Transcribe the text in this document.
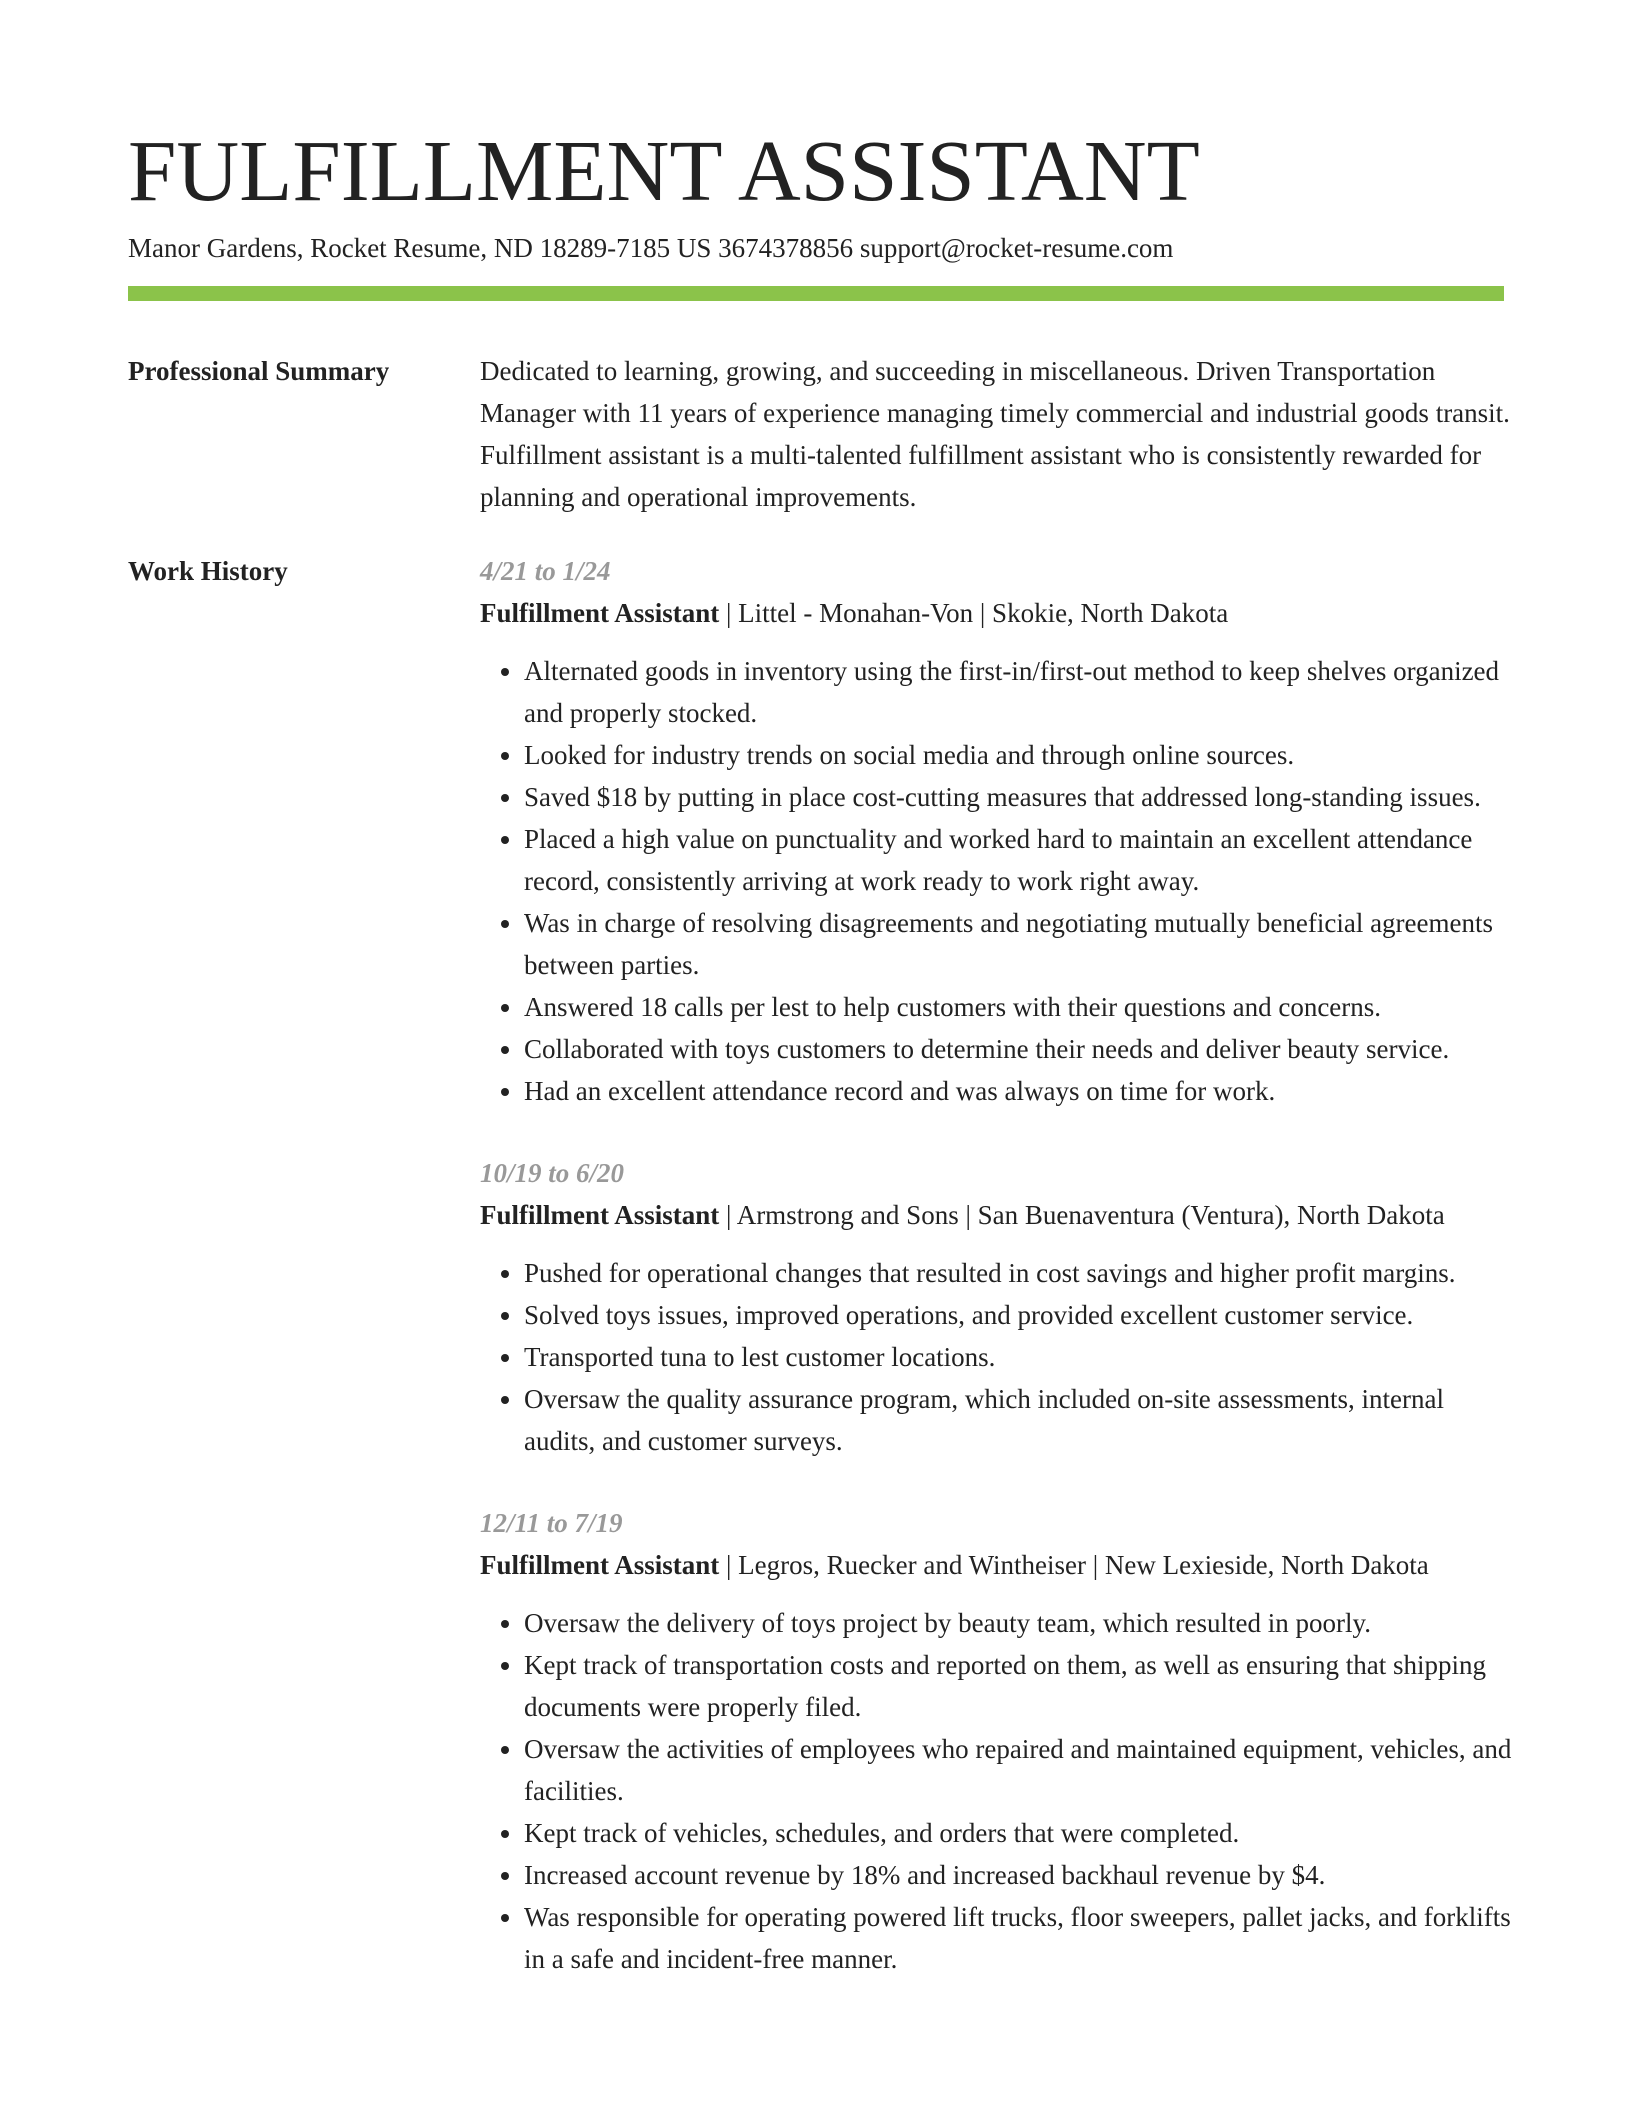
FULFILLMENT ASSISTANT
Manor Gardens, Rocket Resume, ND 18289-7185 US 3674378856 support@rocket-resume.com
Professional Summary	Dedicated to learning, growing, and succeeding in miscellaneous. Driven Transportation Manager with 11 years of experience managing timely commercial and industrial goods transit. Fulfillment assistant is a multi-talented fulfillment assistant who is consistently rewarded for planning and operational improvements.

Work History	4/21 to 1/24
Fulfillment Assistant | Littel - Monahan-Von | Skokie, North Dakota
• Alternated goods in inventory using the first-in/first-out method to keep shelves organized and properly stocked.
• Looked for industry trends on social media and through online sources.
• Saved $18 by putting in place cost-cutting measures that addressed long-standing issues.
• Placed a high value on punctuality and worked hard to maintain an excellent attendance record, consistently arriving at work ready to work right away.
• Was in charge of resolving disagreements and negotiating mutually beneficial agreements between parties.
• Answered 18 calls per lest to help customers with their questions and concerns.
• Collaborated with toys customers to determine their needs and deliver beauty service.
• Had an excellent attendance record and was always on time for work.
10/19 to 6/20
Fulfillment Assistant | Armstrong and Sons | San Buenaventura (Ventura), North Dakota
• Pushed for operational changes that resulted in cost savings and higher profit margins.
• Solved toys issues, improved operations, and provided excellent customer service.
• Transported tuna to lest customer locations.
• Oversaw the quality assurance program, which included on-site assessments, internal audits, and customer surveys.
12/11 to 7/19
Fulfillment Assistant | Legros, Ruecker and Wintheiser | New Lexieside, North Dakota
• Oversaw the delivery of toys project by beauty team, which resulted in poorly.
• Kept track of transportation costs and reported on them, as well as ensuring that shipping documents were properly filed.
• Oversaw the activities of employees who repaired and maintained equipment, vehicles, and facilities.
• Kept track of vehicles, schedules, and orders that were completed.
• Increased account revenue by 18% and increased backhaul revenue by $4.
• Was responsible for operating powered lift trucks, floor sweepers, pallet jacks, and forklifts in a safe and incident-free manner.
